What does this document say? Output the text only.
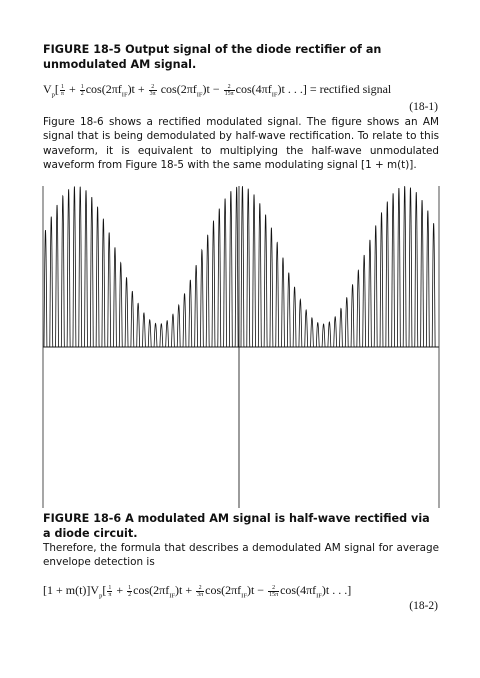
FIGURE 18-5 Output signal of the diode rectifier of an unmodulated AM signal.
$V_p[ \frac{1}{\pi} + \frac{1}{2} \cos(2\pi f_{IF})t + \frac{2}{3\pi} \cos(2\pi f_{IF})t - \frac{2}{15\pi} \cos(4\pi f_{IF})t$ . . .] = rectified signal
(18-1)
Figure 18-6 shows a rectified modulated signal. The figure shows an AM signal that is being demodulated by half-wave rectification. To relate to this waveform, it is equivalent to multiplying the half-wave unmodulated waveform from Figure 18-5 with the same modulating signal [1 + m(t)].
FIGURE 18-6 A modulated AM signal is half-wave rectified via a diode circuit.
Therefore, the formula that describes a demodulated AM signal for average envelope detection is
$[1 + m(t)]V_p[ \frac{1}{\pi} + \frac{1}{2} \cos(2\pi f_{IF})t + \frac{2}{3\pi} \cos(2\pi f_{IF})t - \frac{2}{15\pi} \cos(4\pi f_{IF})t$ . . .]
(18-2)
